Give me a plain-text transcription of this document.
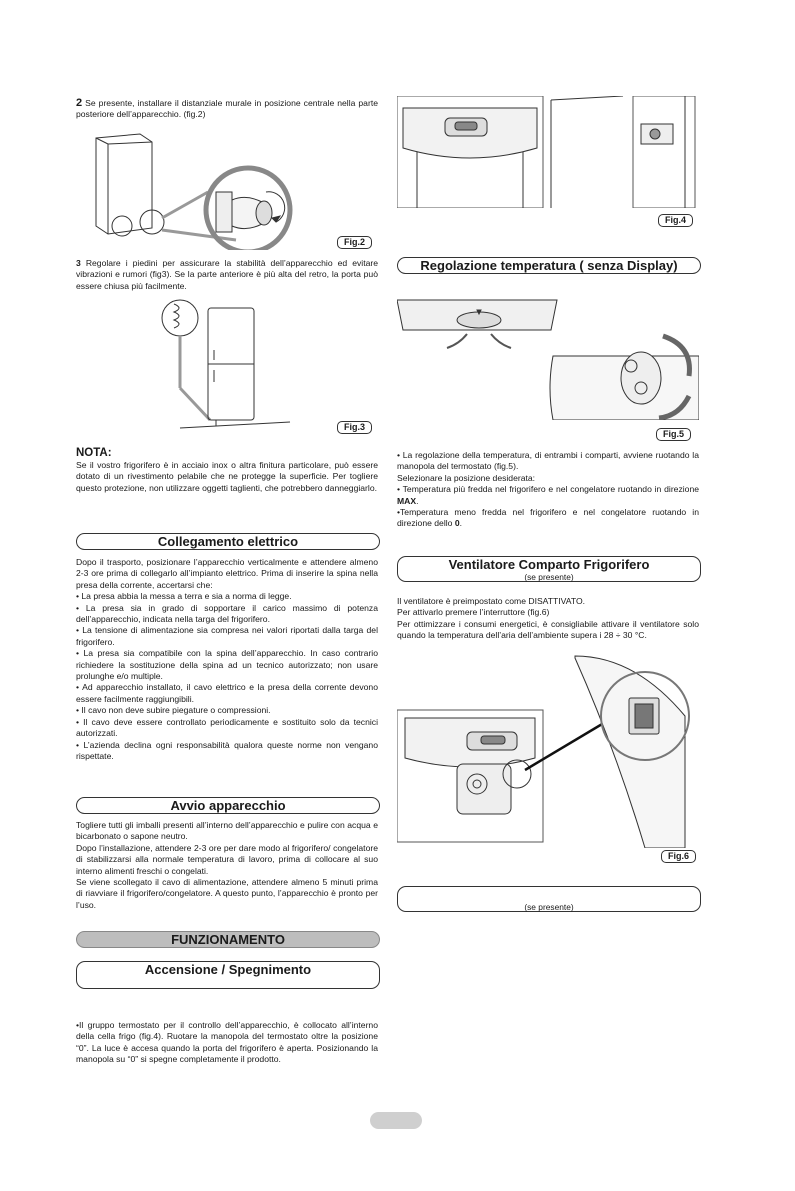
2 Se presente, installare il distanziale murale in posizione centrale nella parte posteriore dell’apparecchio. (fig.2)

Fig.2

3 Regolare i piedini per assicurare la stabilità dell’apparecchio ed evitare vibrazioni e rumori (fig3). Se la parte anteriore è più alta del retro, la porta può essere chiusa più facilmente.

Fig.3

NOTA:

Se il vostro frigorifero è in acciaio inox o altra finitura particolare, può essere dotato di un rivestimento pelabile che ne protegge la superficie. Per togliere questo protezione, non utilizzare oggetti taglienti, che potrebbero danneggiarlo.

Collegamento elettrico

Dopo il trasporto, posizionare l’apparecchio verticalmente e attendere almeno 2-3 ore prima di collegarlo all’impianto elettrico. Prima di inserire la spina nella presa della corrente, accertarsi che:

• La presa abbia la messa a terra e sia a norma di legge.

• La presa sia in grado di sopportare il carico massimo di potenza dell’apparecchio, indicata nella targa del frigorifero.

• La tensione di alimentazione sia compresa nei valori riportati dalla targa del frigorifero.

• La presa sia compatibile con la spina dell’apparecchio. In caso contrario richiedere la sostituzione della spina ad un tecnico autorizzato; non usare prolunghe e/o multiple.

• Ad apparecchio installato, il cavo elettrico e la presa della corrente devono essere facilmente raggiungibili.

• Il cavo non deve subire piegature o compressioni.

• Il cavo deve essere controllato periodicamente e sostituito solo da tecnici autorizzati.

• L’azienda declina ogni responsabilità qualora queste norme non vengano rispettate.

Avvio apparecchio

Togliere tutti gli imballi presenti all’interno dell’apparecchio e pulire con acqua e bicarbonato o sapone neutro.

Dopo l’installazione, attendere 2-3 ore per dare modo al frigorifero/ congelatore di stabilizzarsi alla normale temperatura di lavoro, prima di collocare al suo interno alimenti freschi o congelati.

Se viene scollegato il cavo di alimentazione, attendere almeno 5 minuti prima di riavviare il frigorifero/congelatore. A questo punto, l’apparecchio è pronto per l’uso.

FUNZIONAMENTO
Accensione / Spegnimento

•Il gruppo termostato per il controllo dell’apparecchio, è collocato all’interno della cella frigo (fig.4). Ruotare la manopola del termostato oltre la posizione “0”. La luce è accesa quando la porta del frigorifero è aperta. Posizionando la manopola su “0” si spegne completamente il prodotto.

Fig.4
Regolazione temperatura ( senza Display)
Fig.5

• La regolazione della temperatura, di entrambi i comparti, avviene ruotando la manopola del termostato (fig.5).

Selezionare la posizione desiderata:

• Temperatura più fredda nel frigorifero e nel congelatore ruotando in direzione MAX.

•Temperatura meno fredda nel frigorifero e nel congelatore ruotando in direzione dello 0.

Ventilatore Comparto Frigorifero
(se presente)

Il ventilatore è preimpostato come DISATTIVATO.

Per attivarlo premere l’interruttore (fig.6)

Per ottimizzare i consumi energetici, è consigliabile attivare il ventilatore solo quando la temperatura dell’aria dell’ambiente supera i 28 ÷ 30 °C.

Fig.6
(se presente)
